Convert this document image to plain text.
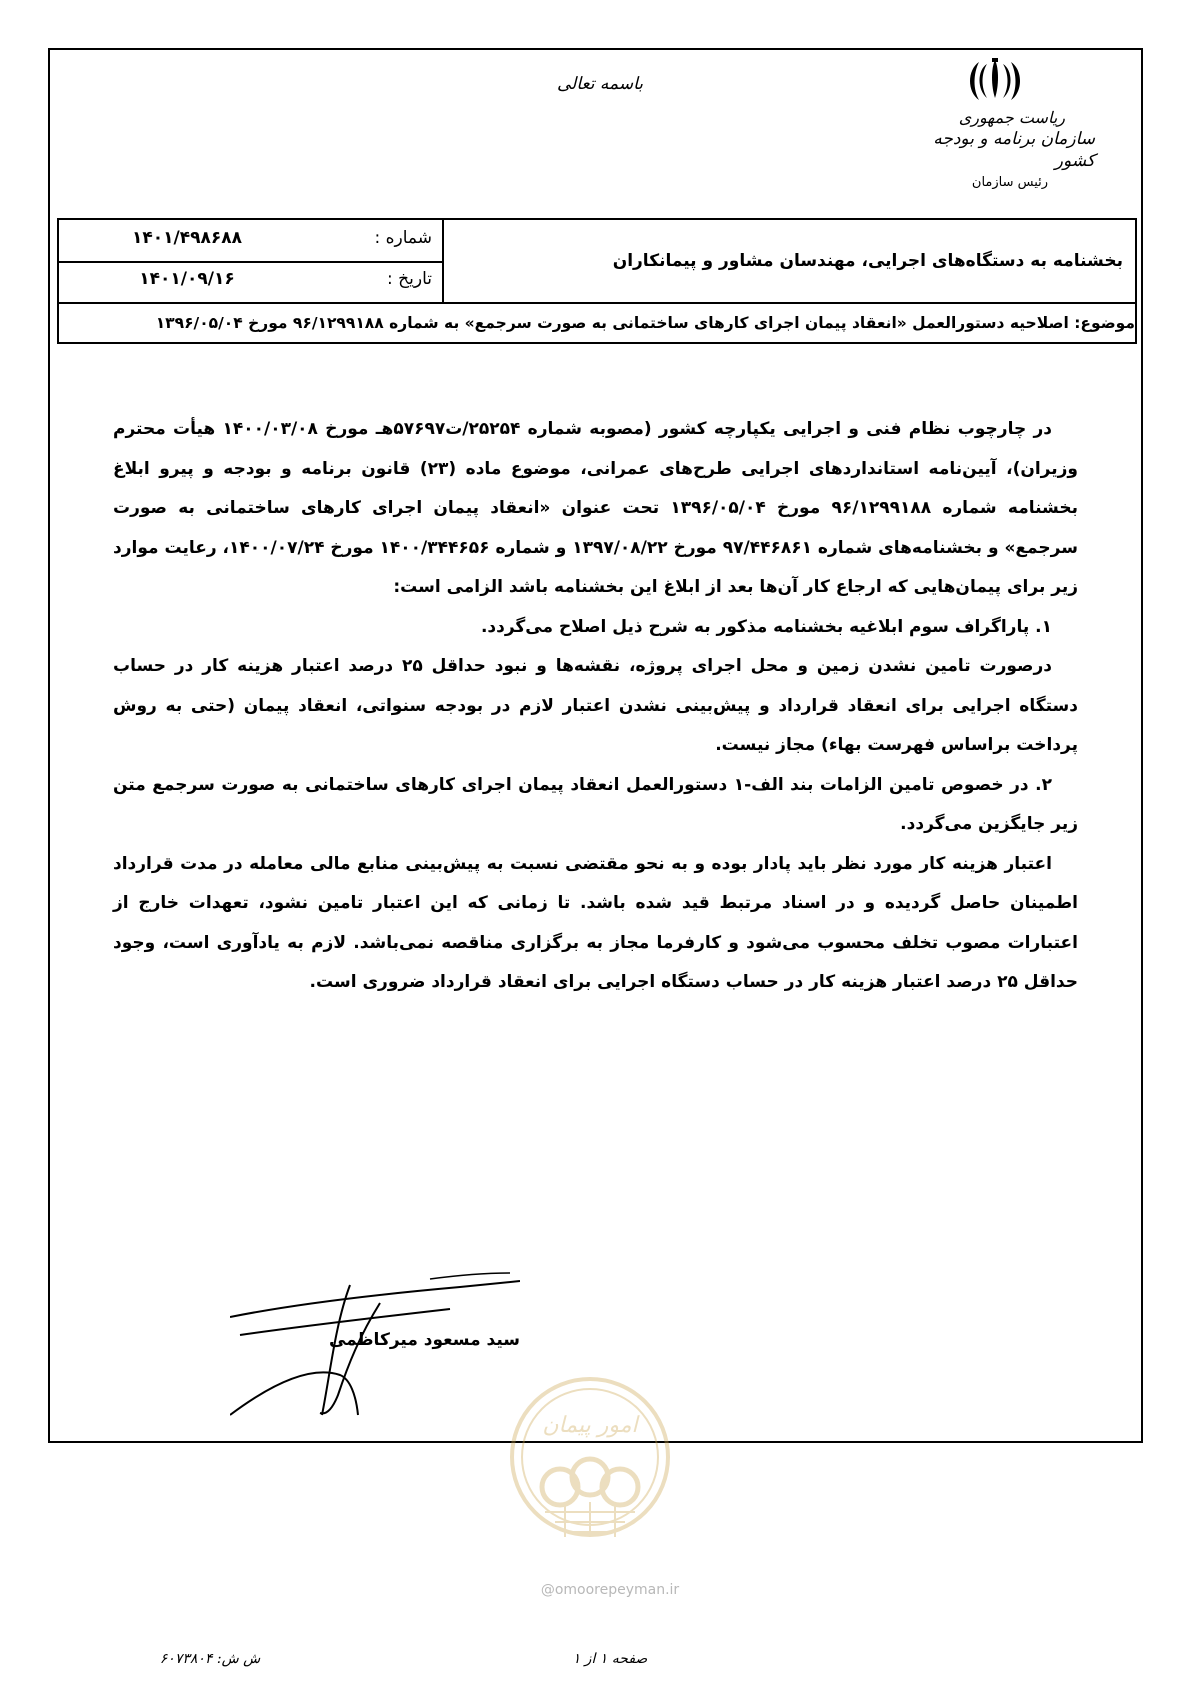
باسمه تعالی
ریاست جمهوری
سازمان برنامه و بودجه کشور
رئیس سازمان
۱۴۰۱/۴۹۸۶۸۸	شماره :
۱۴۰۱/۰۹/۱۶	تاریخ :
بخشنامه به دستگاه‌های اجرایی، مهندسان مشاور و پیمانکاران
موضوع: اصلاحیه دستورالعمل «انعقاد پیمان اجرای کارهای ساختمانی به صورت سرجمع» به شماره ۹۶/۱۲۹۹۱۸۸ مورخ ۱۳۹۶/۰۵/۰۴

در چارچوب نظام فنی و اجرایی یکپارچه کشور (مصوبه شماره ۲۵۲۵۴/ت۵۷۶۹۷هـ مورخ ۱۴۰۰/۰۳/۰۸ هیأت محترم وزیران)، آیین‌نامه استانداردهای اجرایی طرح‌های عمرانی، موضوع ماده (۲۳) قانون برنامه و بودجه و پیرو ابلاغ بخشنامه شماره ۹۶/۱۲۹۹۱۸۸ مورخ ۱۳۹۶/۰۵/۰۴ تحت عنوان «انعقاد پیمان اجرای کارهای ساختمانی به صورت سرجمع» و بخشنامه‌های شماره ۹۷/۴۴۶۸۶۱ مورخ ۱۳۹۷/۰۸/۲۲ و شماره ۱۴۰۰/۳۴۴۶۵۶ مورخ ۱۴۰۰/۰۷/۲۴، رعایت موارد زیر برای پیمان‌هایی که ارجاع کار آن‌ها بعد از ابلاغ این بخشنامه باشد الزامی است:

۱. پاراگراف سوم ابلاغیه بخشنامه مذکور به شرح ذیل اصلاح می‌گردد.

درصورت تامین نشدن زمین و محل اجرای پروژه، نقشه‌ها و نبود حداقل ۲۵ درصد اعتبار هزینه کار در حساب دستگاه اجرایی برای انعقاد قرارداد و پیش‌بینی نشدن اعتبار لازم در بودجه سنواتی، انعقاد پیمان (حتی به روش پرداخت براساس فهرست بهاء) مجاز نیست.

۲. در خصوص تامین الزامات بند الف-۱ دستورالعمل انعقاد پیمان اجرای کارهای ساختمانی به صورت سرجمع متن زیر جایگزین می‌گردد.

اعتبار هزینه کار مورد نظر باید پادار بوده و به نحو مقتضی نسبت به پیش‌بینی منابع مالی معامله در مدت قرارداد اطمینان حاصل گردیده و در اسناد مرتبط قید شده باشد. تا زمانی که این اعتبار تامین نشود، تعهدات خارج از اعتبارات مصوب تخلف محسوب می‌شود و کارفرما مجاز به برگزاری مناقصه نمی‌باشد. لازم به یادآوری است، وجود حداقل ۲۵ درصد اعتبار هزینه کار در حساب دستگاه اجرایی برای انعقاد قرارداد ضروری است.

سید مسعود میرکاظمی
امور پیمان
@omoorepeyman.ir
صفحه ۱ از ۱
ش ش: ۶۰۷۳۸۰۴
